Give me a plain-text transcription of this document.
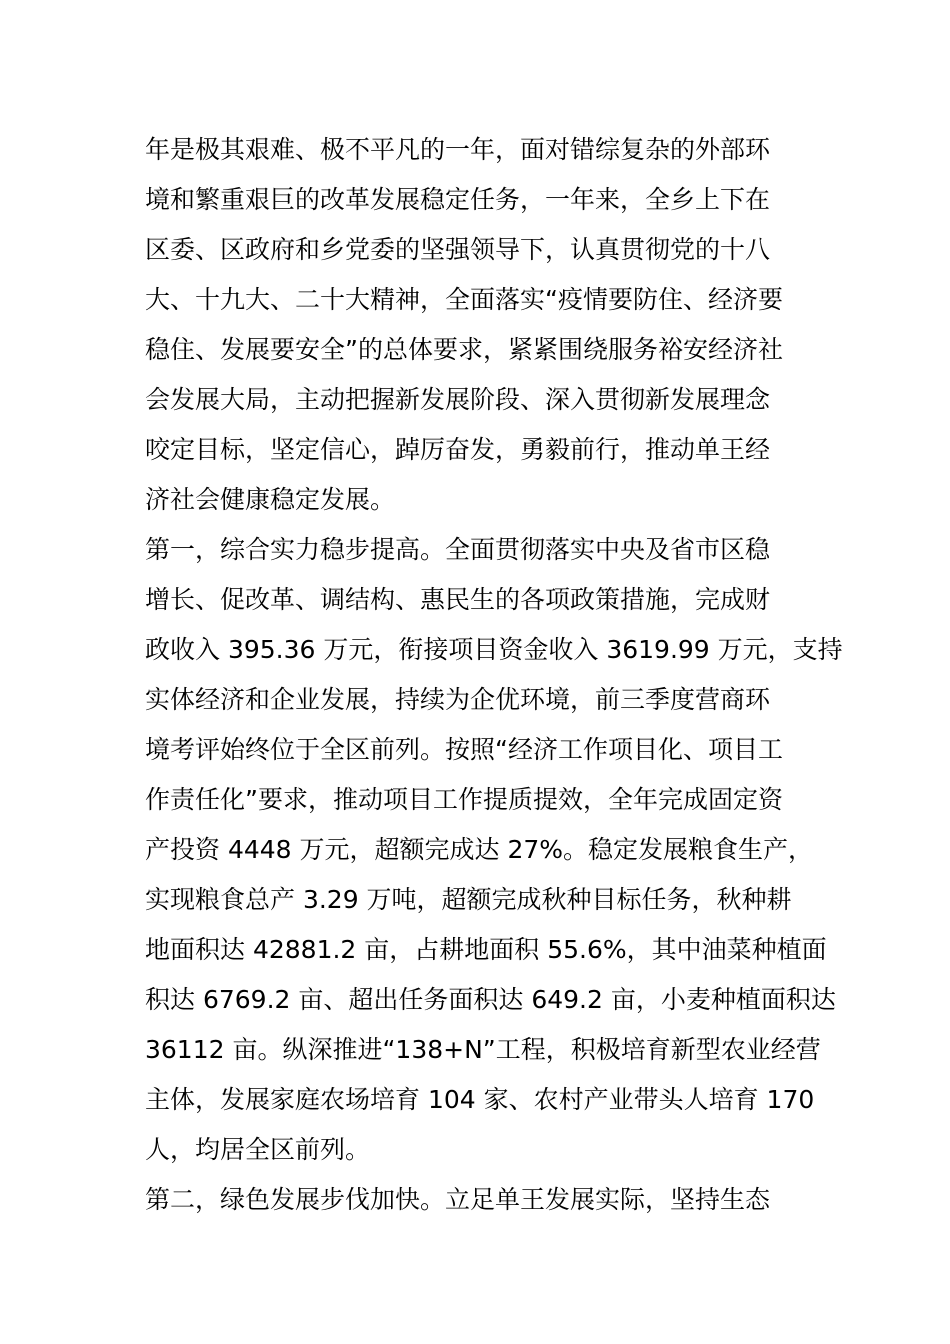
年是极其艰难、极不平凡的一年，面对错综复杂的外部环
境和繁重艰巨的改革发展稳定任务，一年来，全乡上下在
区委、区政府和乡党委的坚强领导下，认真贯彻党的十八
大、十九大、二十大精神，全面落实“疫情要防住、经济要
稳住、发展要安全”的总体要求，紧紧围绕服务裕安经济社
会发展大局，主动把握新发展阶段、深入贯彻新发展理念
咬定目标，坚定信心，踔厉奋发，勇毅前行，推动单王经
济社会健康稳定发展。
第一，综合实力稳步提高。全面贯彻落实中央及省市区稳
增长、促改革、调结构、惠民生的各项政策措施，完成财
政收入 395.36 万元，衔接项目资金收入 3619.99 万元，支持
实体经济和企业发展，持续为企优环境，前三季度营商环
境考评始终位于全区前列。按照“经济工作项目化、项目工
作责任化”要求，推动项目工作提质提效，全年完成固定资
产投资 4448 万元，超额完成达 27%。稳定发展粮食生产，
实现粮食总产 3.29 万吨，超额完成秋种目标任务，秋种耕
地面积达 42881.2 亩，占耕地面积 55.6%，其中油菜种植面
积达 6769.2 亩、超出任务面积达 649.2 亩，小麦种植面积达
36112 亩。纵深推进“138+N”工程，积极培育新型农业经营
主体，发展家庭农场培育 104 家、农村产业带头人培育 170
人，均居全区前列。
第二，绿色发展步伐加快。立足单王发展实际，坚持生态
